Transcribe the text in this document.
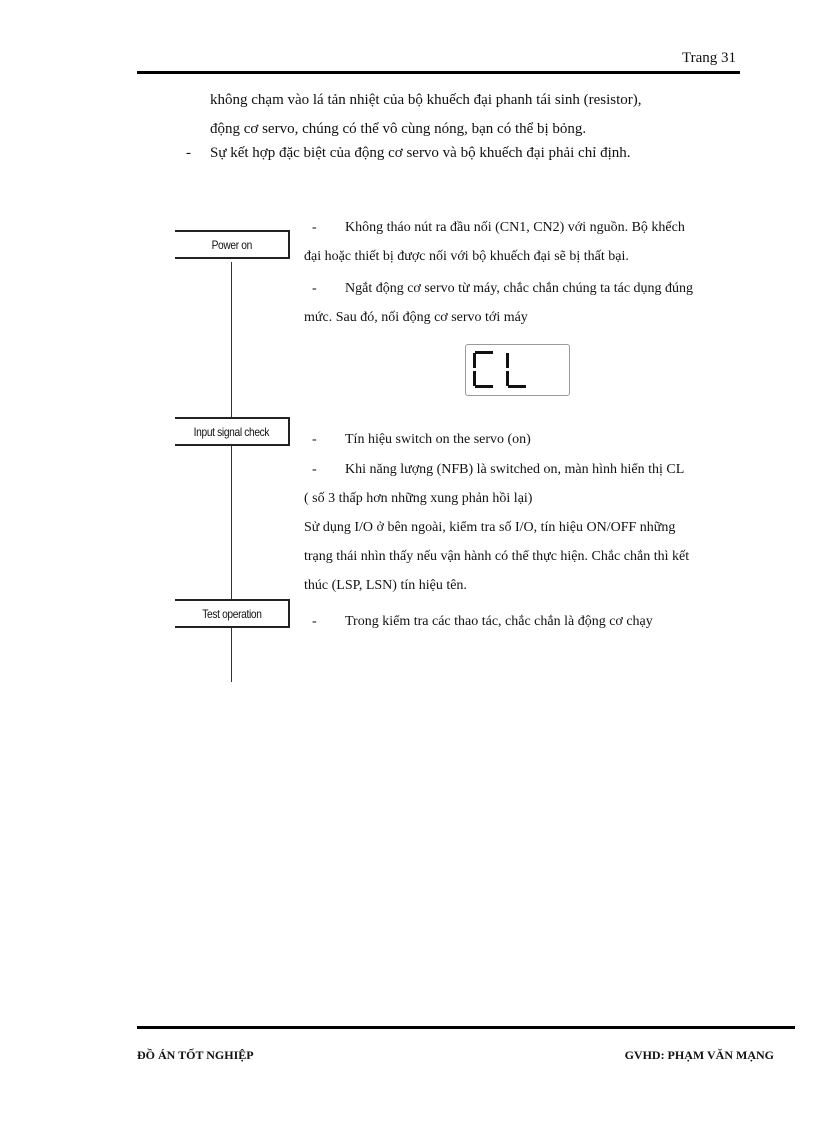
Trang 31
không chạm vào lá tản nhiệt của bộ khuếch đại phanh tái sinh (resistor),
động cơ servo, chúng có thể vô cùng nóng, bạn có thể bị bỏng.
- Sự kết hợp đặc biệt của động cơ servo và bộ khuếch đại phải chỉ định.
Power on
Input signal check
Test operation
- Không tháo nút ra đầu nối (CN1, CN2) với nguồn. Bộ khếch
đại hoặc thiết bị được nối với bộ khuếch đại sẽ bị thất bại.
- Ngắt động cơ servo từ máy, chắc chắn chúng ta tác dụng đúng
mức. Sau đó, nối động cơ servo tới máy
- Tín hiệu switch on the servo (on)
- Khi năng lượng (NFB) là switched on, màn hình hiển thị CL
( số 3 thấp hơn những xung phản hồi lại)
Sử dụng I/O ở bên ngoài, kiểm tra số I/O, tín hiệu ON/OFF những
trạng thái nhìn thấy nếu vận hành có thể thực hiện. Chắc chắn thì kết
thúc (LSP, LSN) tín hiệu tên.
- Trong kiểm tra các thao tác, chắc chắn là động cơ chạy
ĐỒ ÁN TỐT NGHIỆP	GVHD: PHẠM VĂN MẠNG
